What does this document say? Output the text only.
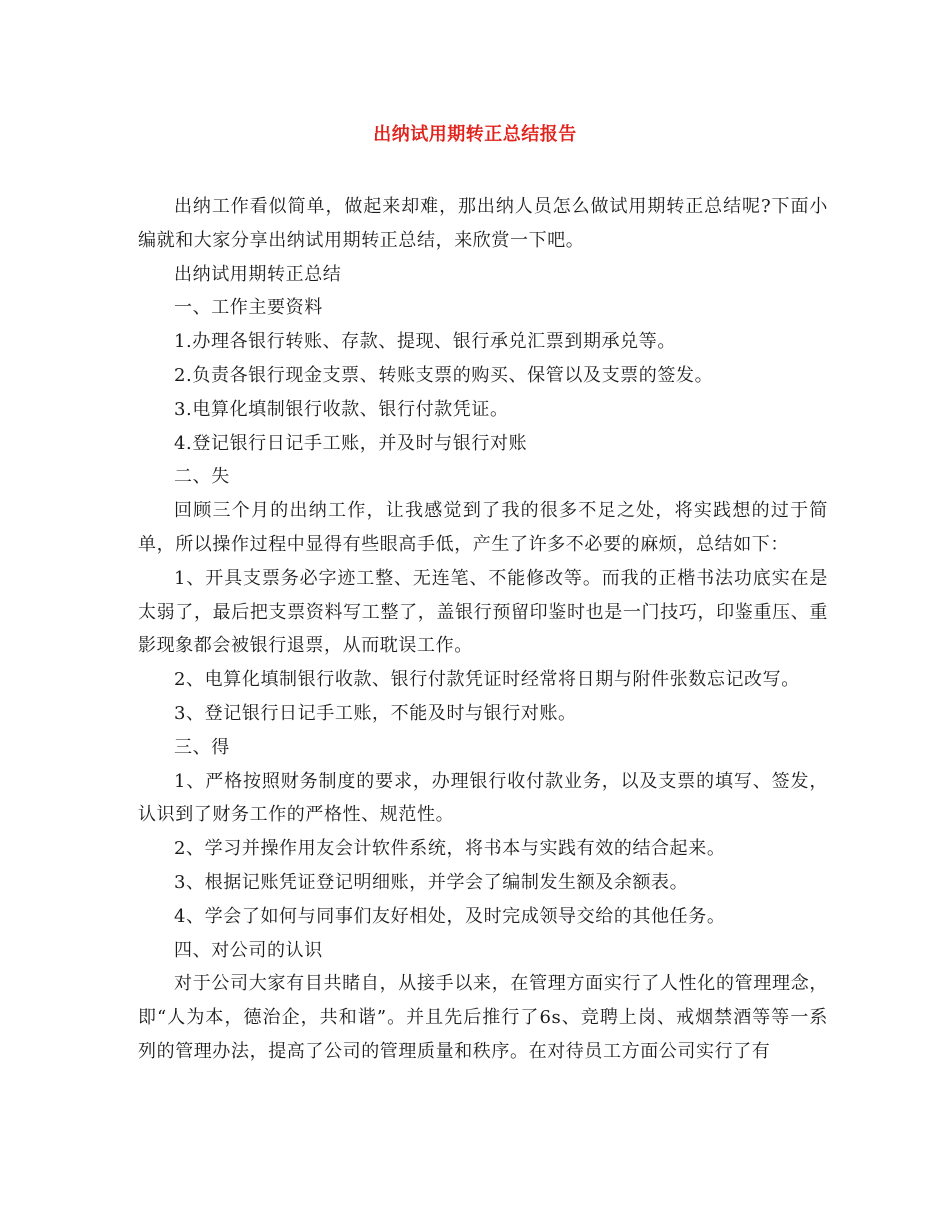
出纳试用期转正总结报告

出纳工作看似简单，做起来却难，那出纳人员怎么做试用期转正总结呢?下面小编就和大家分享出纳试用期转正总结，来欣赏一下吧。

出纳试用期转正总结

一、工作主要资料

1.办理各银行转账、存款、提现、银行承兑汇票到期承兑等。

2.负责各银行现金支票、转账支票的购买、保管以及支票的签发。

3.电算化填制银行收款、银行付款凭证。

4.登记银行日记手工账，并及时与银行对账

二、失

回顾三个月的出纳工作，让我感觉到了我的很多不足之处，将实践想的过于简单，所以操作过程中显得有些眼高手低，产生了许多不必要的麻烦，总结如下：

1、开具支票务必字迹工整、无连笔、不能修改等。而我的正楷书法功底实在是太弱了，最后把支票资料写工整了，盖银行预留印鉴时也是一门技巧，印鉴重压、重影现象都会被银行退票，从而耽误工作。

2、电算化填制银行收款、银行付款凭证时经常将日期与附件张数忘记改写。

3、登记银行日记手工账，不能及时与银行对账。

三、得

1、严格按照财务制度的要求，办理银行收付款业务，以及支票的填写、签发，认识到了财务工作的严格性、规范性。

2、学习并操作用友会计软件系统，将书本与实践有效的结合起来。

3、根据记账凭证登记明细账，并学会了编制发生额及余额表。

4、学会了如何与同事们友好相处，及时完成领导交给的其他任务。

四、对公司的认识

对于公司大家有目共睹自，从接手以来，在管理方面实行了人性化的管理理念，即“人为本，德治企，共和谐”。并且先后推行了6s、竞聘上岗、戒烟禁酒等等一系列的管理办法，提高了公司的管理质量和秩序。在对待员工方面公司实行了有
